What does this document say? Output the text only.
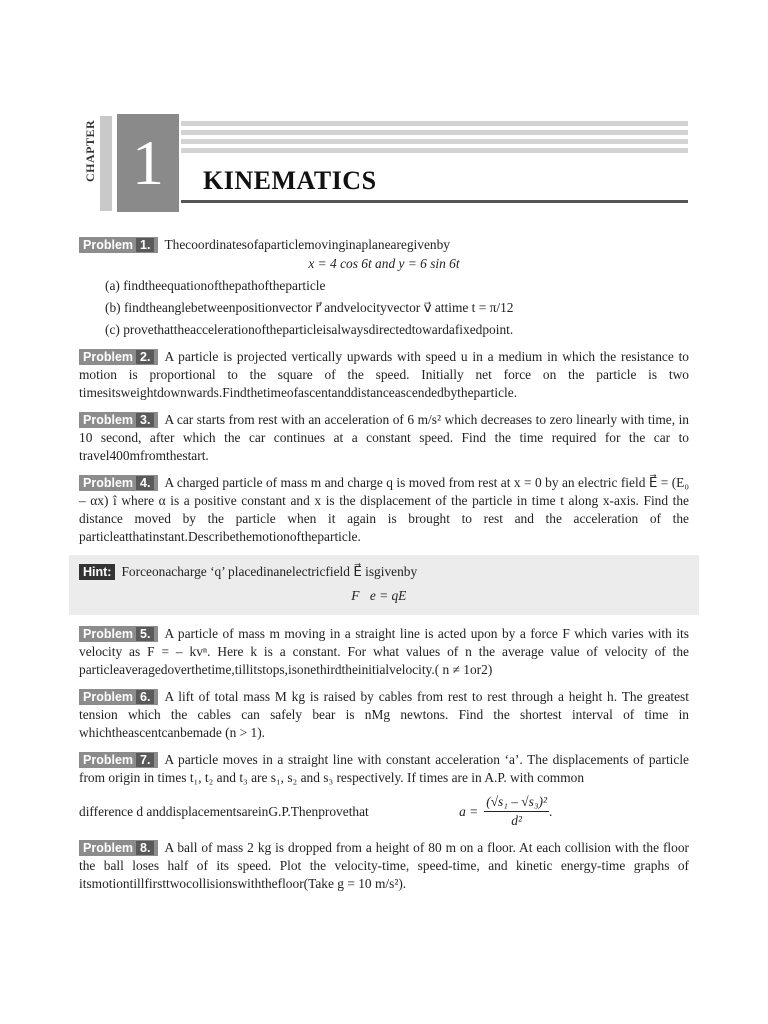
CHAPTER 1	KINEMATICS
Problem 1. Thecoordinatesofaparticlemovinginaplanearegivenby
x = 4 cos 6t and y = 6 sin 6t
(a) findtheequationofthepathoftheparticle
(b) findtheanglebetweenpositionvector r⃗ andvelocityvector v⃗ attime t = π/12
(c) provethattheaccelerationoftheparticleisalwaysdirectedtowardafixedpoint.
Problem 2. A particle is projected vertically upwards with speed u in a medium in which the resistance to motion is proportional to the square of the speed. Initially net force on the particle is two timesitsweightdownwards.Findthetimeofascentanddistanceascendedbytheparticle.
Problem 3. A car starts from rest with an acceleration of 6 m/s² which decreases to zero linearly with time, in 10 second, after which the car continues at a constant speed. Find the time required for the car to travel400mfromthestart.
Problem 4. A charged particle of mass m and charge q is moved from rest at x = 0 by an electric field E⃗ = (E₀ – αx) î where α is a positive constant and x is the displacement of the particle in time t along x-axis. Find the distance moved by the particle when it again is brought to rest and the acceleration of the particleatthatinstant.Describethemotionoftheparticle.
Hint: Forceonacharge ‘q’ placedinanelectricfield E⃗ isgivenby
F⃗e = qE⃗
Problem 5. A particle of mass m moving in a straight line is acted upon by a force F which varies with its velocity as F = – kvⁿ. Here k is a constant. For what values of n the average value of velocity of the particleaveragedoverthetime,tillitstops,isonethirdtheinitialvelocity.( n ≠ 1or2)
Problem 6. A lift of total mass M kg is raised by cables from rest to rest through a height h. The greatest tension which the cables can safely bear is nMg newtons. Find the shortest interval of time in whichtheascentcanbemade (n > 1).
Problem 7. A particle moves in a straight line with constant acceleration ‘a’. The displacements of particle from origin in times t₁, t₂ and t₃ are s₁, s₂ and s₃ respectively. If times are in A.P. with common
difference d anddisplacementsareinG.P.Thenprovethat	$a = \frac{\text{(√s₁ – √s₃)²}}{\text{d²}}$ .
Problem 8. A ball of mass 2 kg is dropped from a height of 80 m on a floor. At each collision with the floor the ball loses half of its speed. Plot the velocity-time, speed-time, and kinetic energy-time graphs of itsmotiontillfirsttwocollisionswiththefloor(Take g = 10 m/s²).
